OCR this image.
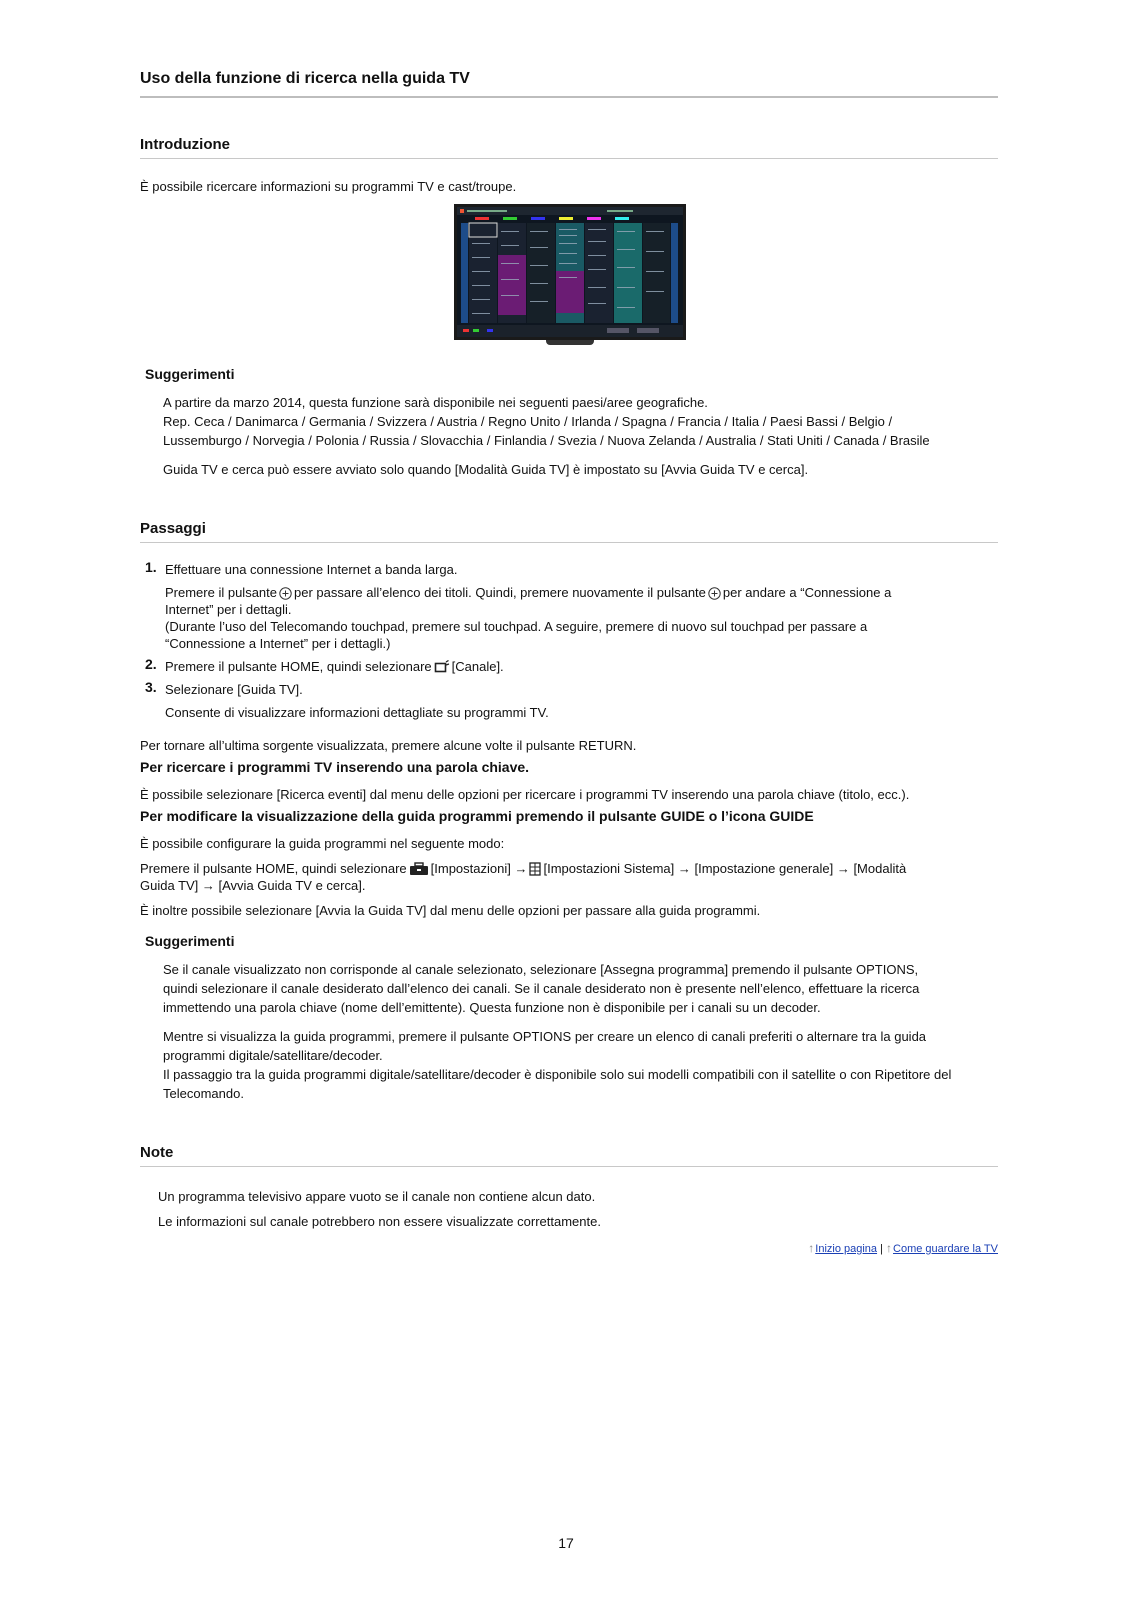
Uso della funzione di ricerca nella guida TV
Introduzione
È possibile ricercare informazioni su programmi TV e cast/troupe.
Suggerimenti
A partire da marzo 2014, questa funzione sarà disponibile nei seguenti paesi/aree geografiche.
Rep. Ceca / Danimarca / Germania / Svizzera / Austria / Regno Unito / Irlanda / Spagna / Francia / Italia / Paesi Bassi / Belgio /
Lussemburgo / Norvegia / Polonia / Russia / Slovacchia / Finlandia / Svezia / Nuova Zelanda / Australia / Stati Uniti / Canada / Brasile
Guida TV e cerca può essere avviato solo quando [Modalità Guida TV] è impostato su [Avvia Guida TV e cerca].
Passaggi
1. Effettuare una connessione Internet a banda larga.
Premere il pulsante per passare all’elenco dei titoli. Quindi, premere nuovamente il pulsante per andare a “Connessione a
Internet” per i dettagli.
(Durante l’uso del Telecomando touchpad, premere sul touchpad. A seguire, premere di nuovo sul touchpad per passare a
“Connessione a Internet” per i dettagli.)
2. Premere il pulsante HOME, quindi selezionare [Canale].
3. Selezionare [Guida TV].
Consente di visualizzare informazioni dettagliate su programmi TV.
Per tornare all’ultima sorgente visualizzata, premere alcune volte il pulsante RETURN.
Per ricercare i programmi TV inserendo una parola chiave.
È possibile selezionare [Ricerca eventi] dal menu delle opzioni per ricercare i programmi TV inserendo una parola chiave (titolo, ecc.).
Per modificare la visualizzazione della guida programmi premendo il pulsante GUIDE o l’icona GUIDE
È possibile configurare la guida programmi nel seguente modo:
Premere il pulsante HOME, quindi selezionare [Impostazioni] → [Impostazioni Sistema] → [Impostazione generale] → [Modalità
Guida TV] → [Avvia Guida TV e cerca].
È inoltre possibile selezionare [Avvia la Guida TV] dal menu delle opzioni per passare alla guida programmi.
Suggerimenti
Se il canale visualizzato non corrisponde al canale selezionato, selezionare [Assegna programma] premendo il pulsante OPTIONS,
quindi selezionare il canale desiderato dall’elenco dei canali. Se il canale desiderato non è presente nell’elenco, effettuare la ricerca
immettendo una parola chiave (nome dell’emittente). Questa funzione non è disponibile per i canali su un decoder.
Mentre si visualizza la guida programmi, premere il pulsante OPTIONS per creare un elenco di canali preferiti o alternare tra la guida
programmi digitale/satellitare/decoder.
Il passaggio tra la guida programmi digitale/satellitare/decoder è disponibile solo sui modelli compatibili con il satellite o con Ripetitore del
Telecomando.
Note
Un programma televisivo appare vuoto se il canale non contiene alcun dato.
Le informazioni sul canale potrebbero non essere visualizzate correttamente.
↑Inizio pagina | ↑Come guardare la TV
17
